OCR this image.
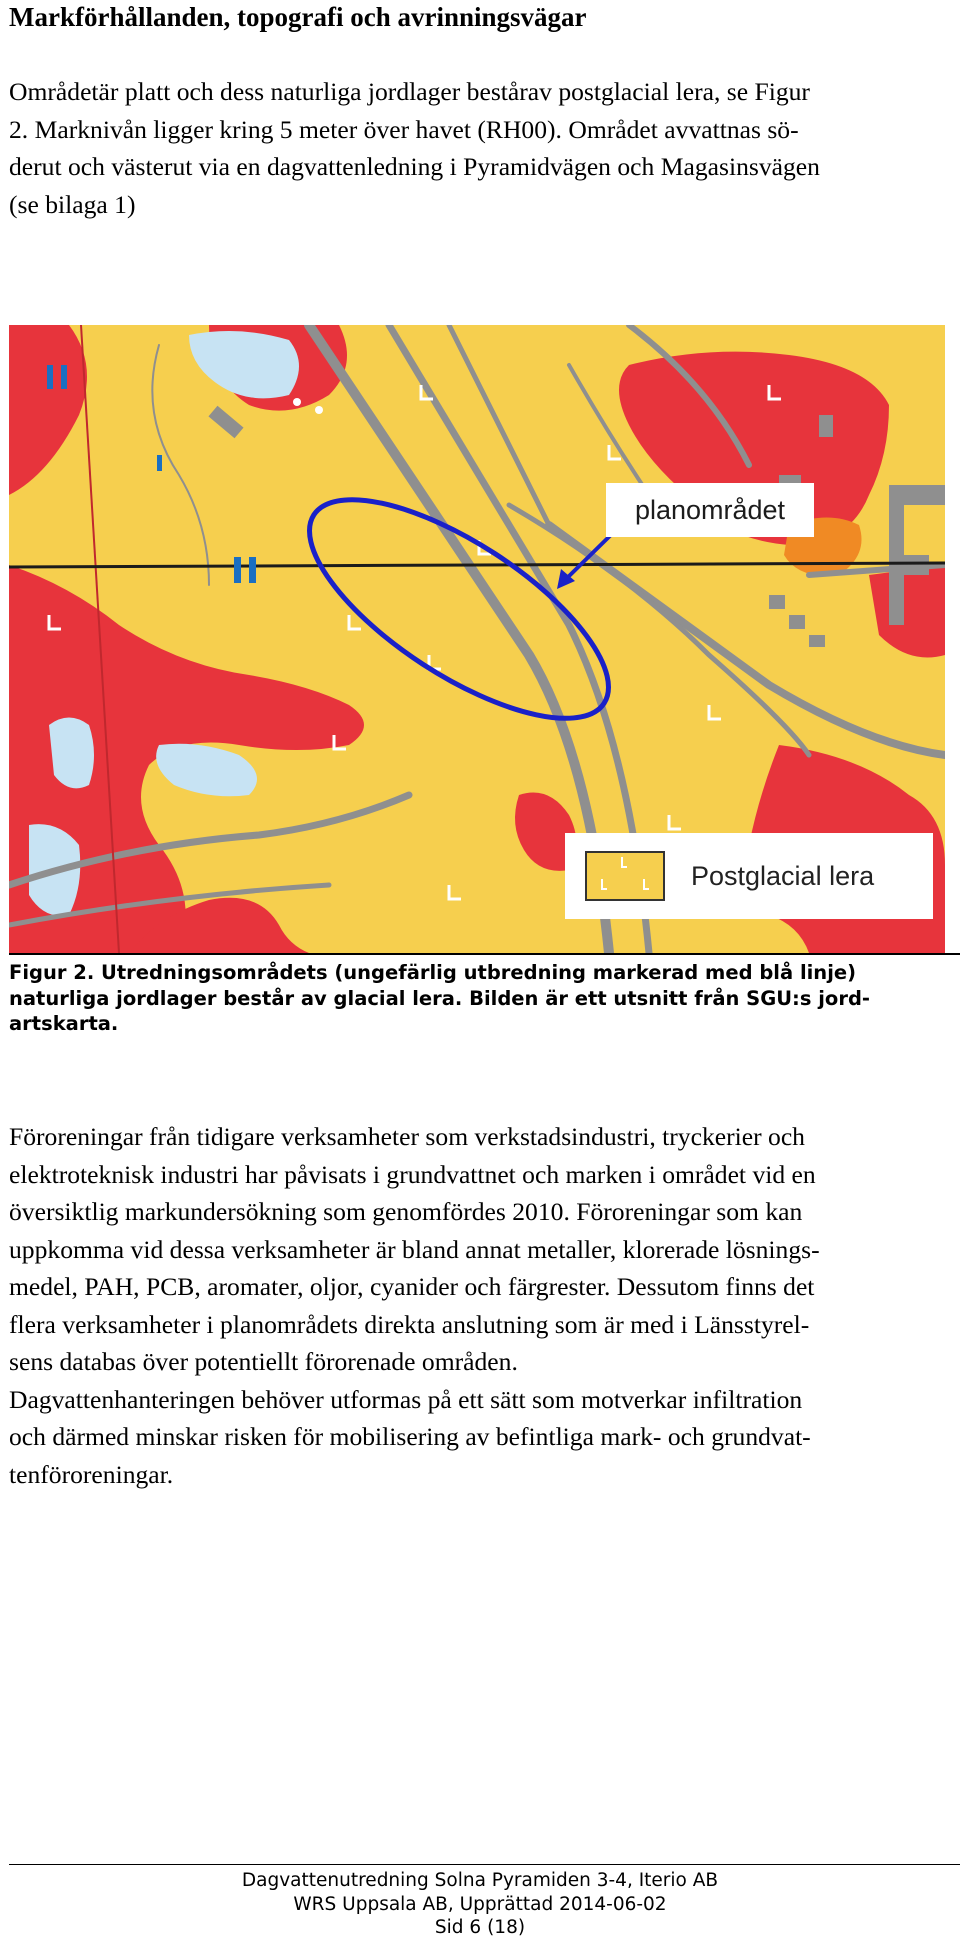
Markförhållanden, topografi och avrinningsvägar

Områdetär platt och dess naturliga jordlager bestårav postglacial lera, se Figur
2. Marknivån ligger kring 5 meter över havet (RH00). Området avvattnas sö-
derut och västerut via en dagvattenledning i Pyramidvägen och Magasinsvägen
(se bilaga 1)

planområdet
Postglacial lera

Figur 2. Utredningsområdets (ungefärlig utbredning markerad med blå linje)
naturliga jordlager består av glacial lera. Bilden är ett utsnitt från SGU:s jord-
artskarta.

Föroreningar från tidigare verksamheter som verkstadsindustri, tryckerier och
elektroteknisk industri har påvisats i grundvattnet och marken i området vid en
översiktlig markundersökning som genomfördes 2010. Föroreningar som kan
uppkomma vid dessa verksamheter är bland annat metaller, klorerade lösnings-
medel, PAH, PCB, aromater, oljor, cyanider och färgrester. Dessutom finns det
flera verksamheter i planområdets direkta anslutning som är med i Länsstyrel-
sens databas över potentiellt förorenade områden.
Dagvattenhanteringen behöver utformas på ett sätt som motverkar infiltration
och därmed minskar risken för mobilisering av befintliga mark- och grundvat-
tenföroreningar.

Dagvattenutredning Solna Pyramiden 3-4, Iterio AB
WRS Uppsala AB, Upprättad 2014-06-02
Sid 6 (18)
